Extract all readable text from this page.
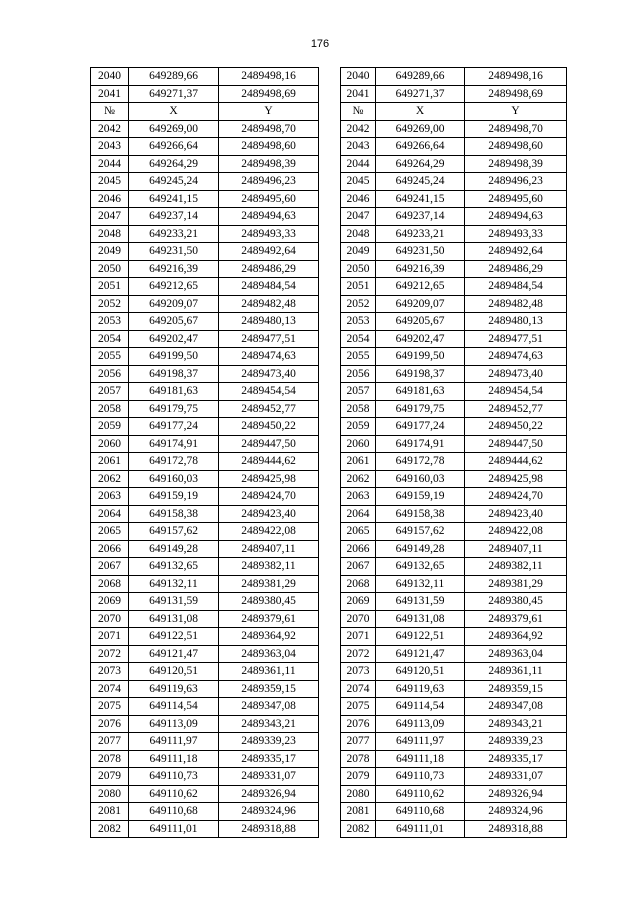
176
2040	649289,66	2489498,16
2041	649271,37	2489498,69
№	X	Y
2042	649269,00	2489498,70
2043	649266,64	2489498,60
2044	649264,29	2489498,39
2045	649245,24	2489496,23
2046	649241,15	2489495,60
2047	649237,14	2489494,63
2048	649233,21	2489493,33
2049	649231,50	2489492,64
2050	649216,39	2489486,29
2051	649212,65	2489484,54
2052	649209,07	2489482,48
2053	649205,67	2489480,13
2054	649202,47	2489477,51
2055	649199,50	2489474,63
2056	649198,37	2489473,40
2057	649181,63	2489454,54
2058	649179,75	2489452,77
2059	649177,24	2489450,22
2060	649174,91	2489447,50
2061	649172,78	2489444,62
2062	649160,03	2489425,98
2063	649159,19	2489424,70
2064	649158,38	2489423,40
2065	649157,62	2489422,08
2066	649149,28	2489407,11
2067	649132,65	2489382,11
2068	649132,11	2489381,29
2069	649131,59	2489380,45
2070	649131,08	2489379,61
2071	649122,51	2489364,92
2072	649121,47	2489363,04
2073	649120,51	2489361,11
2074	649119,63	2489359,15
2075	649114,54	2489347,08
2076	649113,09	2489343,21
2077	649111,97	2489339,23
2078	649111,18	2489335,17
2079	649110,73	2489331,07
2080	649110,62	2489326,94
2081	649110,68	2489324,96
2082	649111,01	2489318,88
2040	649289,66	2489498,16
2041	649271,37	2489498,69
№	X	Y
2042	649269,00	2489498,70
2043	649266,64	2489498,60
2044	649264,29	2489498,39
2045	649245,24	2489496,23
2046	649241,15	2489495,60
2047	649237,14	2489494,63
2048	649233,21	2489493,33
2049	649231,50	2489492,64
2050	649216,39	2489486,29
2051	649212,65	2489484,54
2052	649209,07	2489482,48
2053	649205,67	2489480,13
2054	649202,47	2489477,51
2055	649199,50	2489474,63
2056	649198,37	2489473,40
2057	649181,63	2489454,54
2058	649179,75	2489452,77
2059	649177,24	2489450,22
2060	649174,91	2489447,50
2061	649172,78	2489444,62
2062	649160,03	2489425,98
2063	649159,19	2489424,70
2064	649158,38	2489423,40
2065	649157,62	2489422,08
2066	649149,28	2489407,11
2067	649132,65	2489382,11
2068	649132,11	2489381,29
2069	649131,59	2489380,45
2070	649131,08	2489379,61
2071	649122,51	2489364,92
2072	649121,47	2489363,04
2073	649120,51	2489361,11
2074	649119,63	2489359,15
2075	649114,54	2489347,08
2076	649113,09	2489343,21
2077	649111,97	2489339,23
2078	649111,18	2489335,17
2079	649110,73	2489331,07
2080	649110,62	2489326,94
2081	649110,68	2489324,96
2082	649111,01	2489318,88
